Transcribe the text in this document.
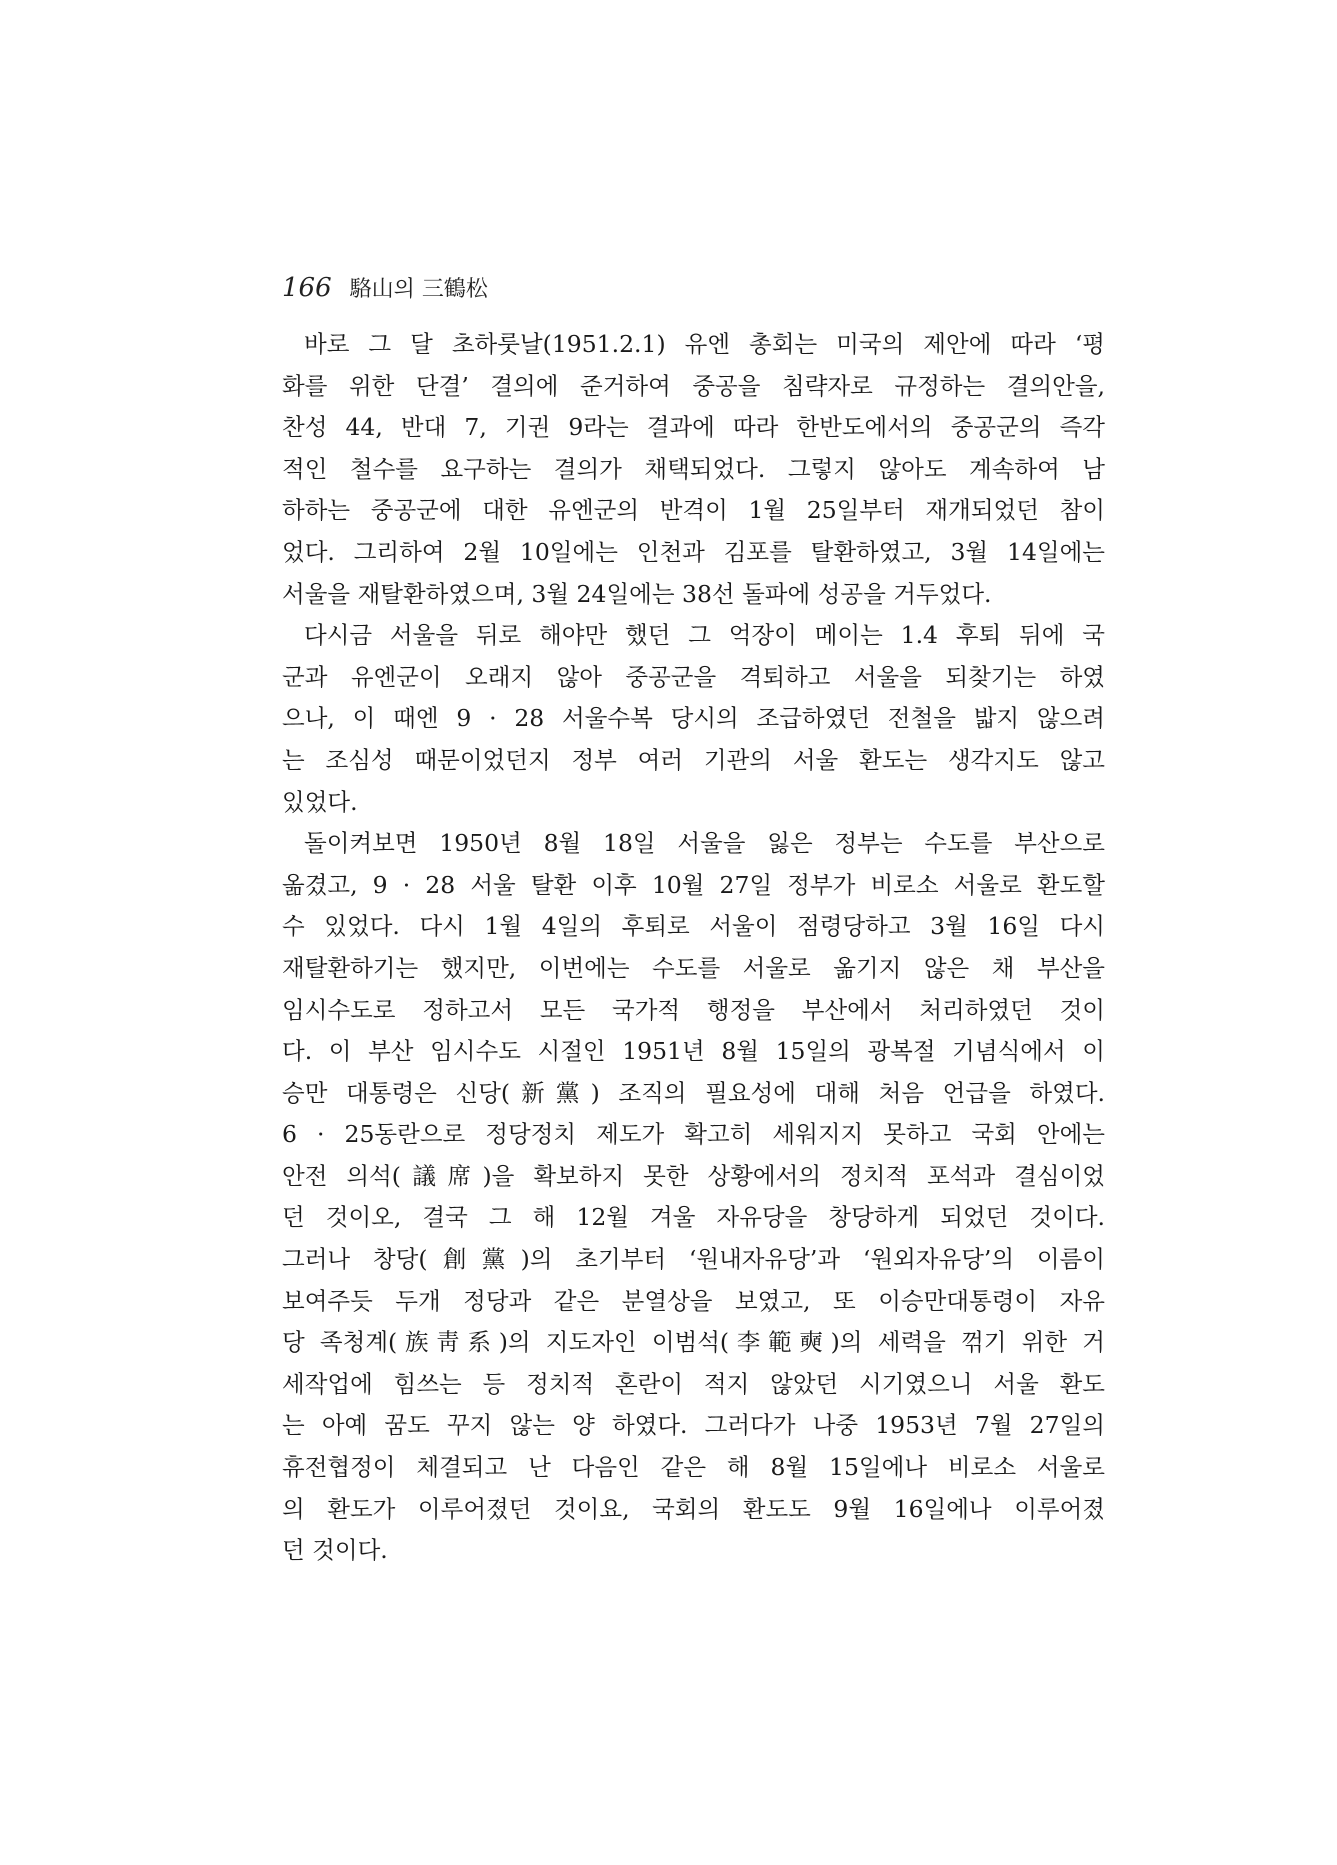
166 駱山의 三鶴松
바로 그 달 초하룻날(1951.2.1) 유엔 총회는 미국의 제안에 따라 ‘평
화를 위한 단결’ 결의에 준거하여 중공을 침략자로 규정하는 결의안을,
찬성 44, 반대 7, 기권 9라는 결과에 따라 한반도에서의 중공군의 즉각
적인 철수를 요구하는 결의가 채택되었다. 그렇지 않아도 계속하여 남
하하는 중공군에 대한 유엔군의 반격이 1월 25일부터 재개되었던 참이
었다. 그리하여 2월 10일에는 인천과 김포를 탈환하였고, 3월 14일에는
서울을 재탈환하였으며, 3월 24일에는 38선 돌파에 성공을 거두었다.
다시금 서울을 뒤로 해야만 했던 그 억장이 메이는 1.4 후퇴 뒤에 국
군과 유엔군이 오래지 않아 중공군을 격퇴하고 서울을 되찾기는 하였
으나, 이 때엔 9 · 28 서울수복 당시의 조급하였던 전철을 밟지 않으려
는 조심성 때문이었던지 정부 여러 기관의 서울 환도는 생각지도 않고
있었다.
돌이켜보면 1950년 8월 18일 서울을 잃은 정부는 수도를 부산으로
옮겼고, 9 · 28 서울 탈환 이후 10월 27일 정부가 비로소 서울로 환도할
수 있었다. 다시 1월 4일의 후퇴로 서울이 점령당하고 3월 16일 다시
재탈환하기는 했지만, 이번에는 수도를 서울로 옮기지 않은 채 부산을
임시수도로 정하고서 모든 국가적 행정을 부산에서 처리하였던 것이
다. 이 부산 임시수도 시절인 1951년 8월 15일의 광복절 기념식에서 이
승만 대통령은 신당(新黨) 조직의 필요성에 대해 처음 언급을 하였다.
6 · 25동란으로 정당정치 제도가 확고히 세워지지 못하고 국회 안에는
안전 의석(議席)을 확보하지 못한 상황에서의 정치적 포석과 결심이었
던 것이오, 결국 그 해 12월 겨울 자유당을 창당하게 되었던 것이다.
그러나 창당(創黨)의 초기부터 ‘원내자유당’과 ‘원외자유당’의 이름이
보여주듯 두개 정당과 같은 분열상을 보였고, 또 이승만대통령이 자유
당 족청계(族靑系)의 지도자인 이범석(李範奭)의 세력을 꺾기 위한 거
세작업에 힘쓰는 등 정치적 혼란이 적지 않았던 시기였으니 서울 환도
는 아예 꿈도 꾸지 않는 양 하였다. 그러다가 나중 1953년 7월 27일의
휴전협정이 체결되고 난 다음인 같은 해 8월 15일에나 비로소 서울로
의 환도가 이루어졌던 것이요, 국회의 환도도 9월 16일에나 이루어졌
던 것이다.
